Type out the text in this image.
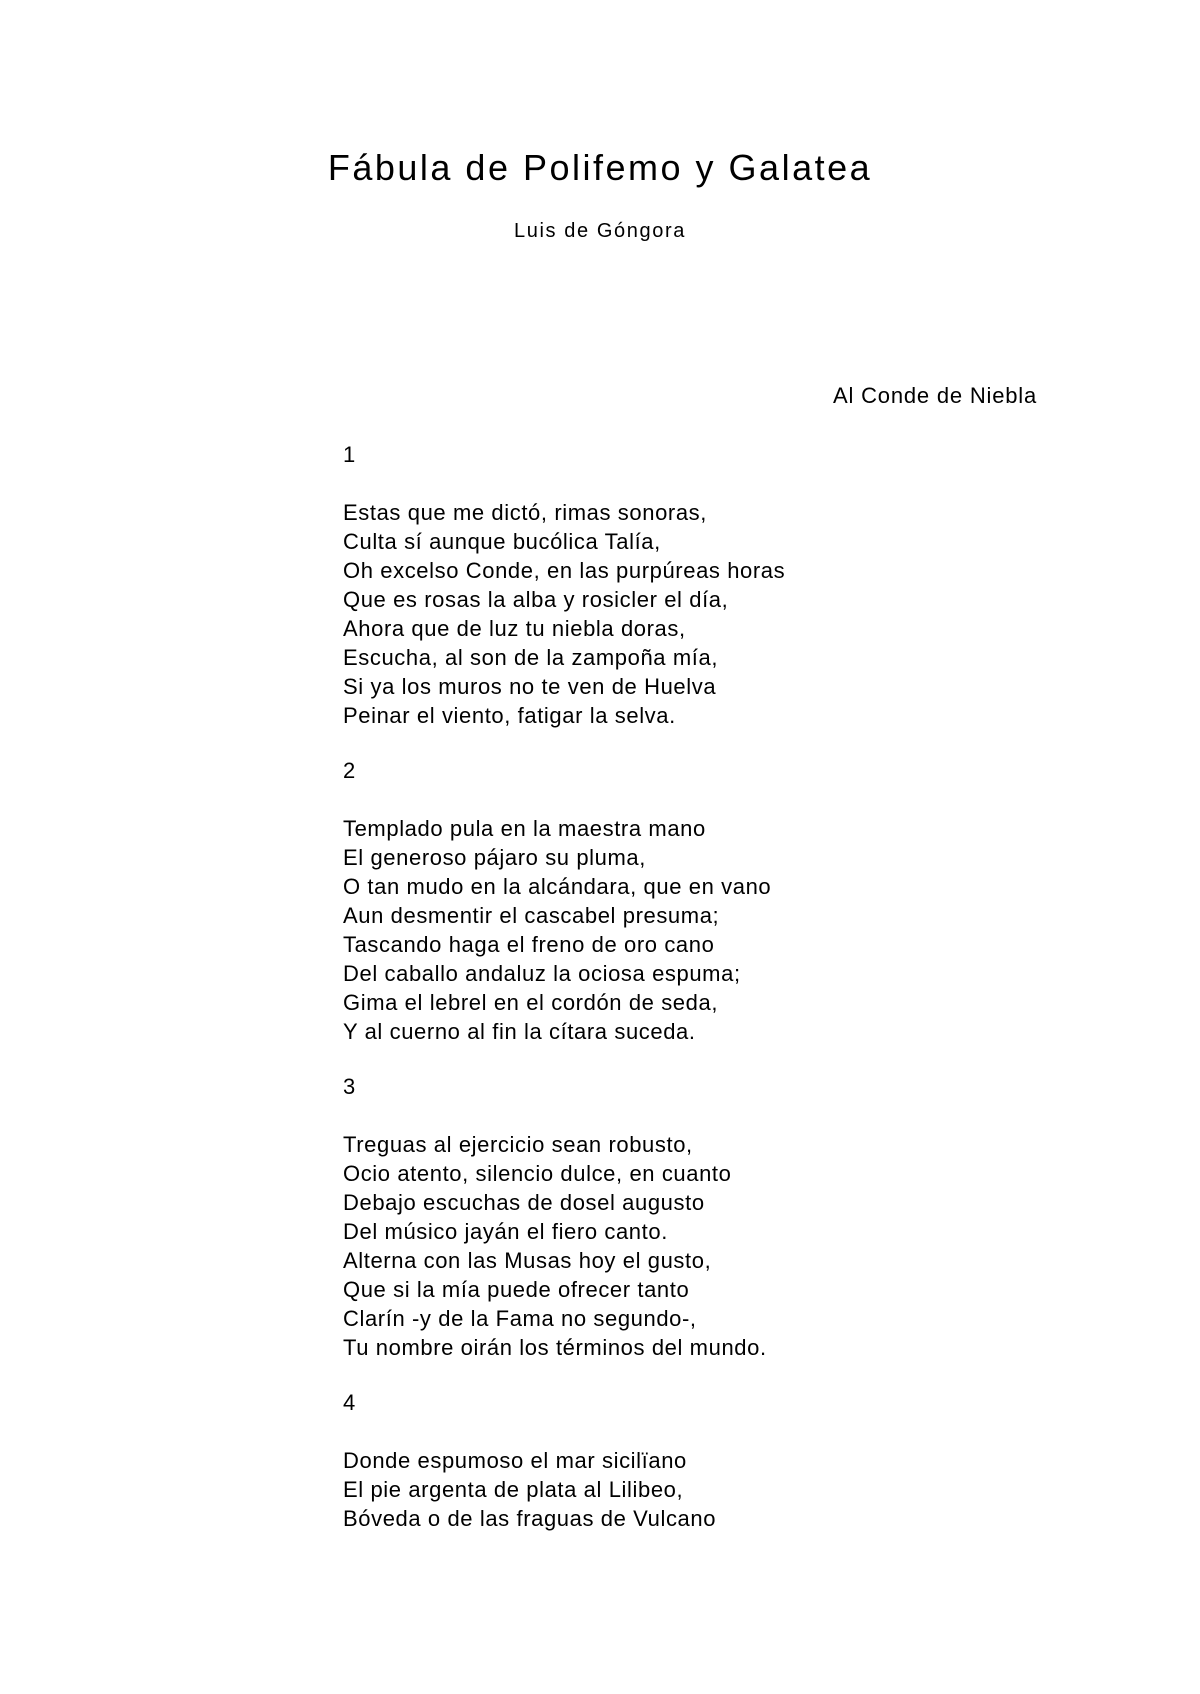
Fábula de Polifemo y Galatea

Luis de Góngora

Al Conde de Niebla

1

Estas que me dictó, rimas sonoras,

Culta sí aunque bucólica Talía,

Oh excelso Conde, en las purpúreas horas

Que es rosas la alba y rosicler el día,

Ahora que de luz tu niebla doras,

Escucha, al son de la zampoña mía,

Si ya los muros no te ven de Huelva

Peinar el viento, fatigar la selva.

2

Templado pula en la maestra mano

El generoso pájaro su pluma,

O tan mudo en la alcándara, que en vano

Aun desmentir el cascabel presuma;

Tascando haga el freno de oro cano

Del caballo andaluz la ociosa espuma;

Gima el lebrel en el cordón de seda,

Y al cuerno al fin la cítara suceda.

3

Treguas al ejercicio sean robusto,

Ocio atento, silencio dulce, en cuanto

Debajo escuchas de dosel augusto

Del músico jayán el fiero canto.

Alterna con las Musas hoy el gusto,

Que si la mía puede ofrecer tanto

Clarín -y de la Fama no segundo-,

Tu nombre oirán los términos del mundo.

4

Donde espumoso el mar sicilïano

El pie argenta de plata al Lilibeo,

Bóveda o de las fraguas de Vulcano
